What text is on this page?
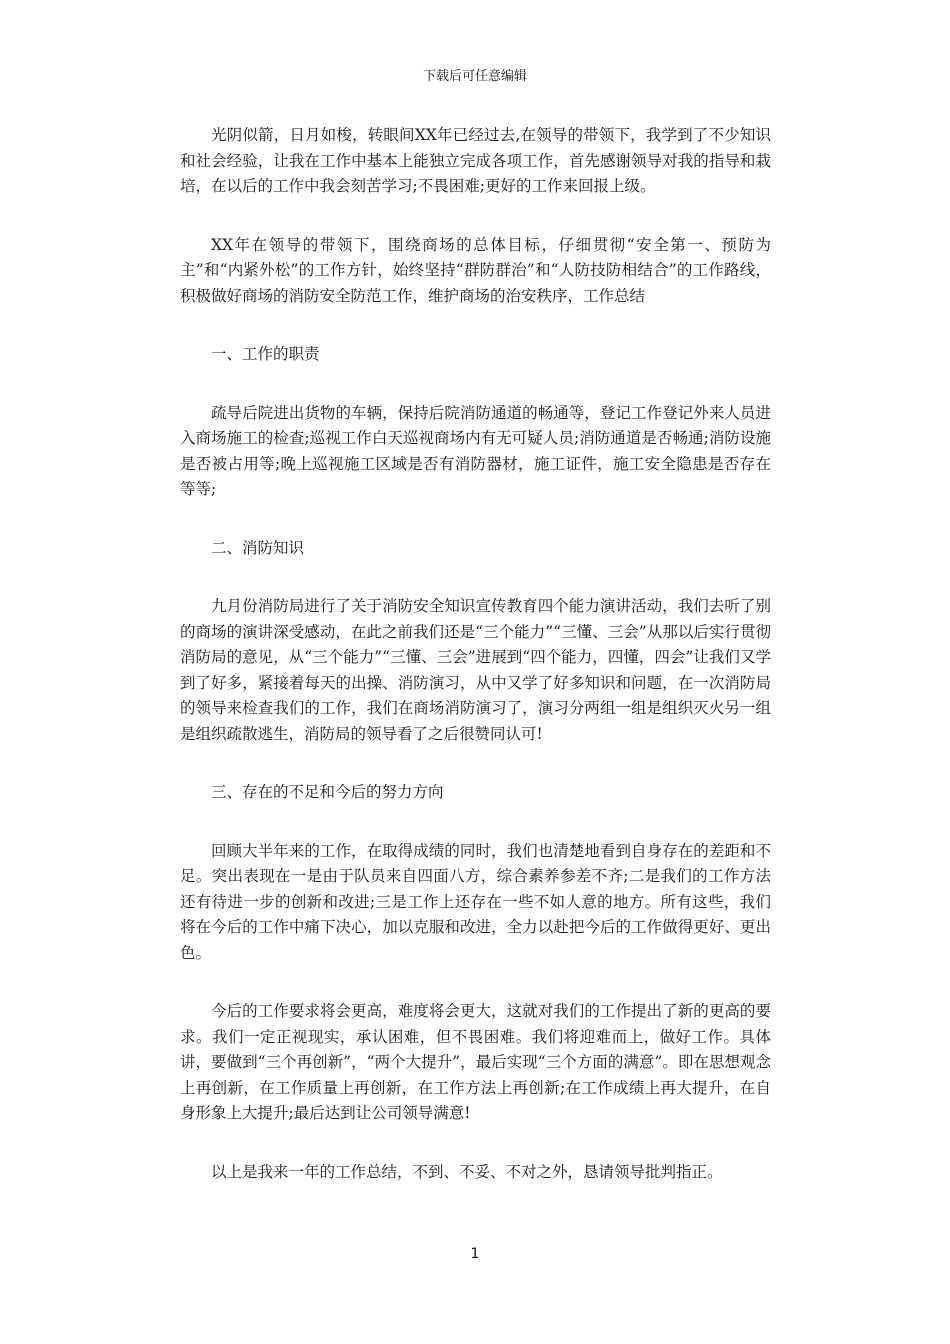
下载后可任意编辑

光阴似箭，日月如梭，转眼间XX年已经过去,在领导的带领下，我学到了不少知识和社会经验，让我在工作中基本上能独立完成各项工作，首先感谢领导对我的指导和栽培，在以后的工作中我会刻苦学习;不畏困难;更好的工作来回报上级。

XX年在领导的带领下，围绕商场的总体目标，仔细贯彻“安全第一、预防为主”和“内紧外松”的工作方针，始终坚持“群防群治”和“人防技防相结合”的工作路线，积极做好商场的消防安全防范工作，维护商场的治安秩序，工作总结

一、工作的职责

疏导后院进出货物的车辆，保持后院消防通道的畅通等，登记工作登记外来人员进入商场施工的检查;巡视工作白天巡视商场内有无可疑人员;消防通道是否畅通;消防设施是否被占用等;晚上巡视施工区域是否有消防器材，施工证件，施工安全隐患是否存在等等;

二、消防知识

九月份消防局进行了关于消防安全知识宣传教育四个能力演讲活动，我们去听了别的商场的演讲深受感动，在此之前我们还是“三个能力”“三懂、三会”从那以后实行贯彻消防局的意见，从“三个能力”“三懂、三会”进展到“四个能力，四懂，四会”让我们又学到了好多，紧接着每天的出操、消防演习，从中又学了好多知识和问题，在一次消防局的领导来检查我们的工作，我们在商场消防演习了，演习分两组一组是组织灭火另一组是组织疏散逃生，消防局的领导看了之后很赞同认可!

三、存在的不足和今后的努力方向

回顾大半年来的工作，在取得成绩的同时，我们也清楚地看到自身存在的差距和不足。突出表现在一是由于队员来自四面八方，综合素养参差不齐;二是我们的工作方法还有待进一步的创新和改进;三是工作上还存在一些不如人意的地方。所有这些，我们将在今后的工作中痛下决心，加以克服和改进，全力以赴把今后的工作做得更好、更出色。

今后的工作要求将会更高，难度将会更大，这就对我们的工作提出了新的更高的要求。我们一定正视现实，承认困难，但不畏困难。我们将迎难而上，做好工作。具体讲，要做到“三个再创新”，“两个大提升”，最后实现“三个方面的满意”。即在思想观念上再创新，在工作质量上再创新，在工作方法上再创新;在工作成绩上再大提升，在自身形象上大提升;最后达到让公司领导满意!

以上是我来一年的工作总结，不到、不妥、不对之外，恳请领导批判指正。

1
